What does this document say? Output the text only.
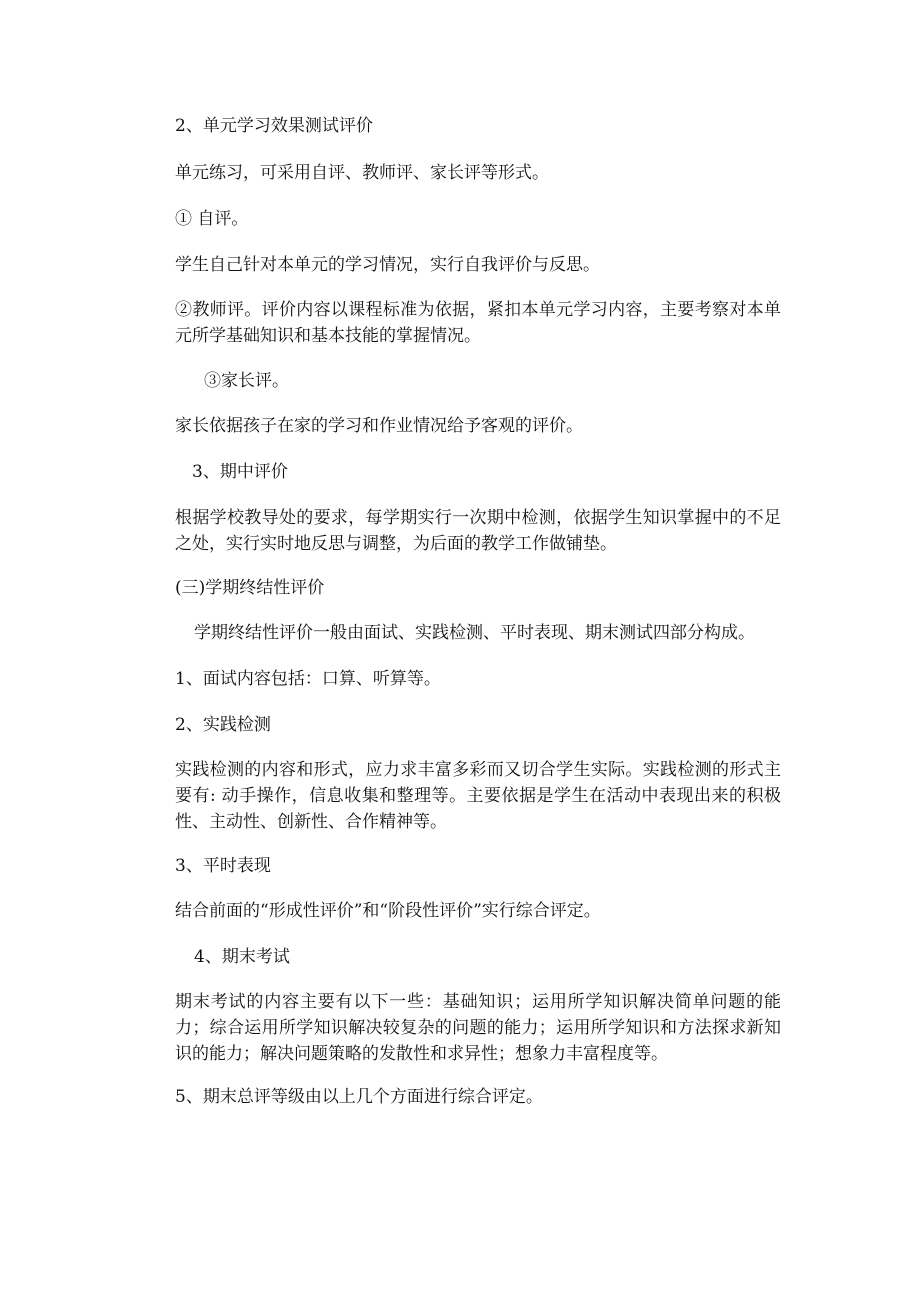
2、单元学习效果测试评价
单元练习，可采用自评、教师评、家长评等形式。
① 自评。
学生自己针对本单元的学习情况，实行自我评价与反思。
②教师评。评价内容以课程标准为依据，紧扣本单元学习内容，主要考察对本单元所学基础知识和基本技能的掌握情况。
③家长评。
家长依据孩子在家的学习和作业情况给予客观的评价。
3、期中评价
根据学校教导处的要求，每学期实行一次期中检测，依据学生知识掌握中的不足之处，实行实时地反思与调整，为后面的教学工作做铺垫。
(三)学期终结性评价
学期终结性评价一般由面试、实践检测、平时表现、期末测试四部分构成。
1、面试内容包括：口算、听算等。
2、实践检测
实践检测的内容和形式，应力求丰富多彩而又切合学生实际。实践检测的形式主要有: 动手操作，信息收集和整理等。主要依据是学生在活动中表现出来的积极性、主动性、创新性、合作精神等。
3、平时表现
结合前面的“形成性评价”和“阶段性评价”实行综合评定。
4、期末考试
期末考试的内容主要有以下一些：基础知识；运用所学知识解决简单问题的能力；综合运用所学知识解决较复杂的问题的能力；运用所学知识和方法探求新知识的能力；解决问题策略的发散性和求异性；想象力丰富程度等。
5、期末总评等级由以上几个方面进行综合评定。
